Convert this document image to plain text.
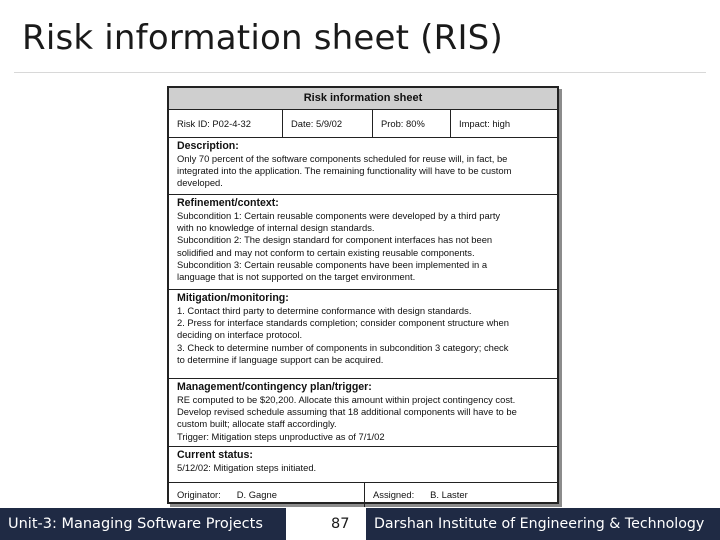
Risk information sheet (RIS)
Risk information sheet
Risk ID: P02-4-32	Date: 5/9/02	Prob: 80%	Impact: high
Description:
Only 70 percent of the software components scheduled for reuse will, in fact, be
integrated into the application. The remaining functionality will have to be custom
developed.
Refinement/context:
Subcondition 1: Certain reusable components were developed by a third party
with no knowledge of internal design standards.
Subcondition 2: The design standard for component interfaces has not been
solidified and may not conform to certain existing reusable components.
Subcondition 3: Certain reusable components have been implemented in a
language that is not supported on the target environment.
Mitigation/monitoring:
1. Contact third party to determine conformance with design standards.
2. Press for interface standards completion; consider component structure when
deciding on interface protocol.
3. Check to determine number of components in subcondition 3 category; check
to determine if language support can be acquired.
Management/contingency plan/trigger:
RE computed to be $20,200. Allocate this amount within project contingency cost.
Develop revised schedule assuming that 18 additional components will have to be
custom built; allocate staff accordingly.
Trigger: Mitigation steps unproductive as of 7/1/02
Current status:
5/12/02: Mitigation steps initiated.
Originator: D. Gagne	Assigned: B. Laster
Unit-3: Managing Software Projects	87	Darshan Institute of Engineering & Technology
